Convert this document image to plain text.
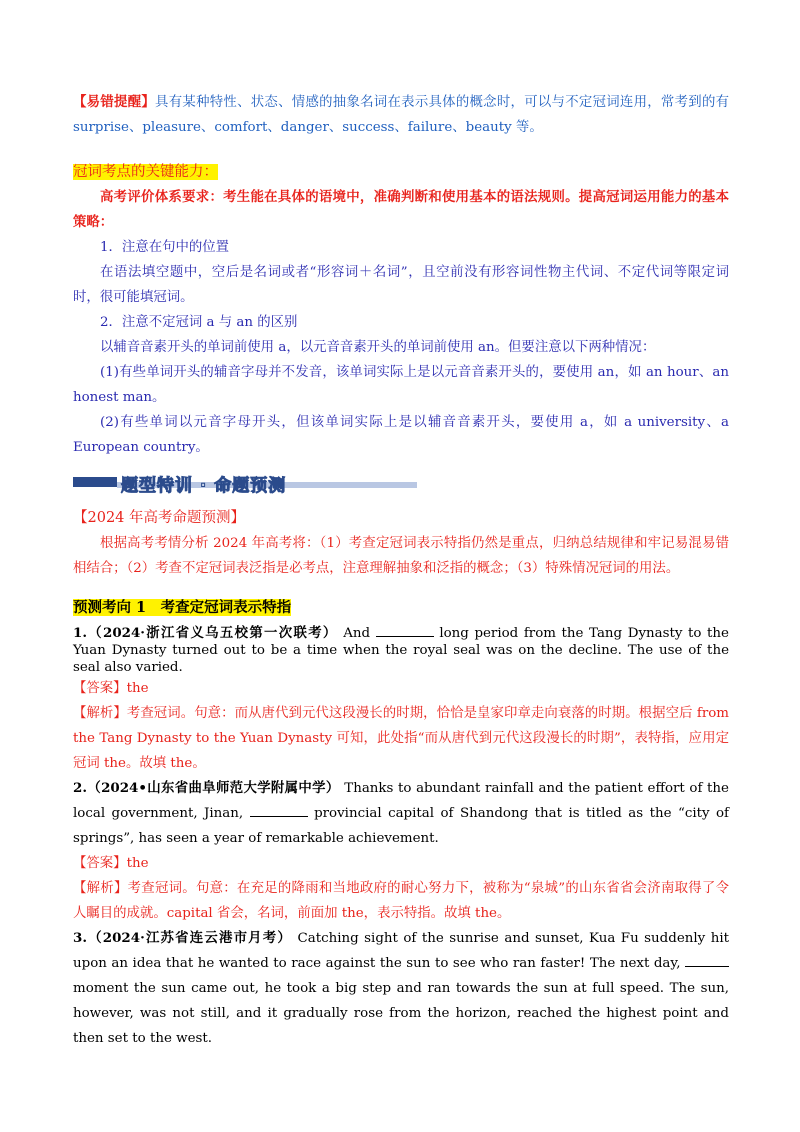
【易错提醒】具有某种特性、状态、情感的抽象名词在表示具体的概念时，可以与不定冠词连用，常考到的有 surprise、pleasure、comfort、danger、success、failure、beauty 等。

冠词考点的关键能力：

高考评价体系要求：考生能在具体的语境中，准确判断和使用基本的语法规则。提高冠词运用能力的基本策略：

1．注意在句中的位置

在语法填空题中，空后是名词或者“形容词＋名词”，且空前没有形容词性物主代词、不定代词等限定词时，很可能填冠词。

2．注意不定冠词 a 与 an 的区别

以辅音音素开头的单词前使用 a，以元音音素开头的单词前使用 an。但要注意以下两种情况：

(1)有些单词开头的辅音字母并不发音，该单词实际上是以元音音素开头的，要使用 an，如 an hour、an honest man。

(2)有些单词以元音字母开头，但该单词实际上是以辅音音素开头，要使用 a，如 a university、a European country。

题型特训 · 命题预测

【2024 年高考命题预测】

根据高考考情分析 2024 年高考将：（1）考查定冠词表示特指仍然是重点，归纳总结规律和牢记易混易错相结合；（2）考查不定冠词表泛指是必考点，注意理解抽象和泛指的概念；（3）特殊情况冠词的用法。

预测考向 1　考查定冠词表示特指

1.（2024·浙江省义乌五校第一次联考） And	long period from the Tang Dynasty to the Yuan Dynasty turned out to be a time when the royal seal was on the decline. The use of the seal also varied.

【答案】the

【解析】考查冠词。句意：而从唐代到元代这段漫长的时期，恰恰是皇家印章走向衰落的时期。根据空后 from the Tang Dynasty to the Yuan Dynasty 可知，此处指“而从唐代到元代这段漫长的时期”，表特指，应用定冠词 the。故填 the。

2.（2024•山东省曲阜师范大学附属中学） Thanks to abundant rainfall and the patient effort of the local government, Jinan,	provincial capital of Shandong that is titled as the “city of springs”, has seen a year of remarkable achievement.

【答案】the

【解析】考查冠词。句意：在充足的降雨和当地政府的耐心努力下，被称为“泉城”的山东省省会济南取得了令人瞩目的成就。capital 省会，名词，前面加 the，表示特指。故填 the。

3.（2024·江苏省连云港市月考） Catching sight of the sunrise and sunset, Kua Fu suddenly hit upon an idea that he wanted to race against the sun to see who ran faster! The next day,  moment the sun came out, he took a big step and ran towards the sun at full speed. The sun, however, was not still, and it gradually rose from the horizon, reached the highest point and then set to the west.
